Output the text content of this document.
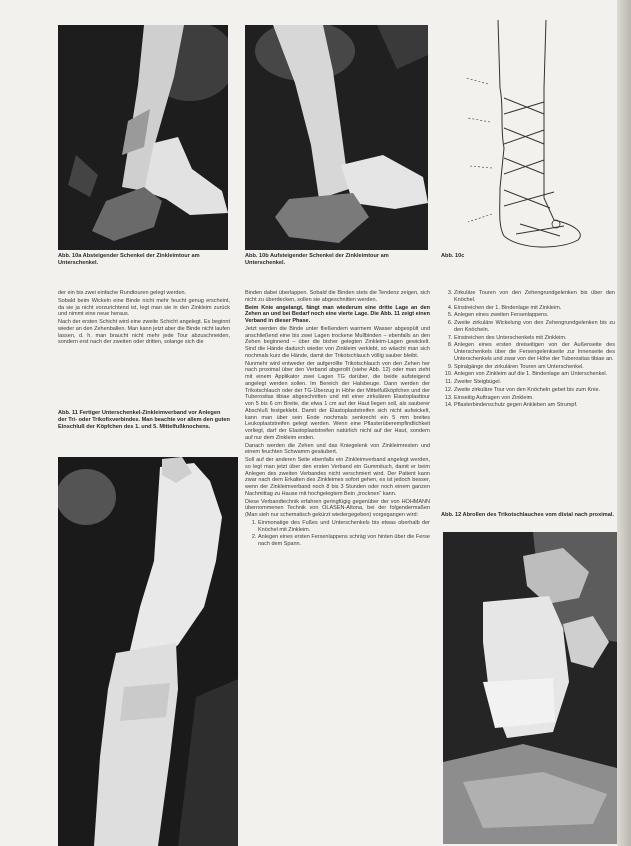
Abb. 10a Absteigender Schenkel der Zinkleimtour am Unterschenkel.
Abb. 10b Aufsteigender Schenkel der Zinkleimtour am Unterschenkel.
Abb. 10c

der ein bis zwei einfache Rundtouren gelegt werden.

Sobald beim Wickeln eine Binde nicht mehr feucht genug erscheint, da sie ja nicht vorzurichtend ist, legt man sie in den Zinkleim zurück und nimmt eine neue heraus.

Nach der ersten Schicht wird eine zweite Schicht angelegt. Es beginnt wieder an den Zehenballen. Man kann jetzt aber die Binde nicht laufen lassen, d. h. man braucht nicht mehr jede Tour abzuschneiden, sondern erst nach der zweiten oder dritten, solange sich die

Abb. 11 Fertiger Unterschenkel-Zinkleimverband vor Anlegen der Tri- oder Trikofixverbindes. Man beachte vor allem den guten Einschluß der Köpfchen des 1. und 5. Mittelfußknochens.

Binden dabei überlappen. Sobald die Binden stets die Tendenz zeigen, sich nicht zu überdecken, sollen sie abgeschnitten werden.

Beim Knie angelangt, fängt man wiederum eine dritte Lage an den Zehen an und bei Bedarf noch eine vierte Lage. Die Abb. 11 zeigt einen Verband in dieser Phase.

Jetzt werden die Binde unter fließendem warmem Wasser abgespült und anschließend eine bis zwei Lagen trockene Mullbinden – ebenfalls an den Zehen beginnend – über die bisher gelegten Zinkleim-Lagen gewickelt. Sind die Hände dadurch wieder von Zinkleim verklebt, so wäscht man sich nochmals kurz die Hände, damit der Trikotschlauch völlig sauber bleibt.

Nunmehr wird entweder der aufgerollte Trikotschlauch von den Zehen her nach proximal über den Verband abgerollt (siehe Abb. 12) oder man zieht mit einem Applikator zwei Lagen TG darüber, die beide aufsteigend angelegt werden sollen. Im Bereich der Halsbeuge. Dann werden der Trikotschlauch oder der TG-Überzug in Höhe der Mittelfußköpfchen und der Tuberositas tibiae abgeschnitten und mit einer zirkulären Elastoplasttour von 5 bis 6 cm Breite, die etwa 1 cm auf der Haut liegen soll, als sauberer Abschluß festgeklebt. Damit der Elastoplaststreifen sich nicht aufwickelt, kann man über sein Ende nochmals senkrecht ein 5 mm breites Leukoplaststreifen gelegt werden. Wenn eine Pflasterüberempfindlichkeit vorliegt, darf der Elastoplaststreifen natürlich nicht auf der Haut, sondern auf nur dem Zinkleim enden.

Danach werden die Zehen und das Kniegelenk von Zinkleimresten und einem feuchten Schwamm gesäubert.

Soll auf der anderen Seite ebenfalls ein Zinkleimverband angelegt werden, so legt man jetzt über den ersten Verband ein Gummituch, damit er beim Anlegen des zweiten Verbandes nicht verschmiert wird. Der Patient kann zwar nach dem Erkalten des Zinkleimes sofort gehen, es ist jedoch besser, wenn der Zinkleimverband noch 8 bis 3 Stunden oder noch einem ganzen Nachmittag zu Hause mit hochgelegtem Bein „trocknen“ kann.

Diese Verbandtechnik erfahren geringfügig gegenüber der von HOHMANN übernommenen Technik von OLASEN-Altona, bei der folgendermaßen (Man sieh nur schematisch gekürzt wiedergegeben) vorgegangen wird:

1. Einmonatige des Fußes und Unterschenkels bis etwas oberhalb der Knöchel mit Zinkleim.
2. Anlegen eines ersten Fersenlappens schräg von hinten über die Ferse nach dem Spann.
3. Zirkuläre Touren von den Zehengrundgelenken bis über den Knöchel.
4. Einstreichen der 1. Bindenlage mit Zinkleim.
5. Anlegen eines zweiten Fersenlappens.
6. Zweite zirkuläre Wickelung von den Zehengrundgelenken bis zu den Knöcheln.
7. Einstreichen des Unterschenkels mit Zinkleim.
8. Anlegen eines ersten dreiseitigen von der Außenseite des Unterschenkels über die Fersengelenkseite zur Innenseite des Unterschenkels und zwar von der Höhe der Tuberositas tibiae an.
9. Spiralgänge der zirkulären Touren am Unterschenkel.
10. Anlegen von Zinkleim auf die 1. Bindenlage am Unterschenkel.
11. Zweiter Steigbügel.
12. Zweite zirkuläre Tour von den Knöcheln gebet bis zum Knie.
13. Einseitig Auftragen von Zinkleim.
14. Pflasterbindenschutz gegen Ankleben am Strumpf.
Abb. 12 Abrollen des Trikotschlauches vom distal nach proximal.
